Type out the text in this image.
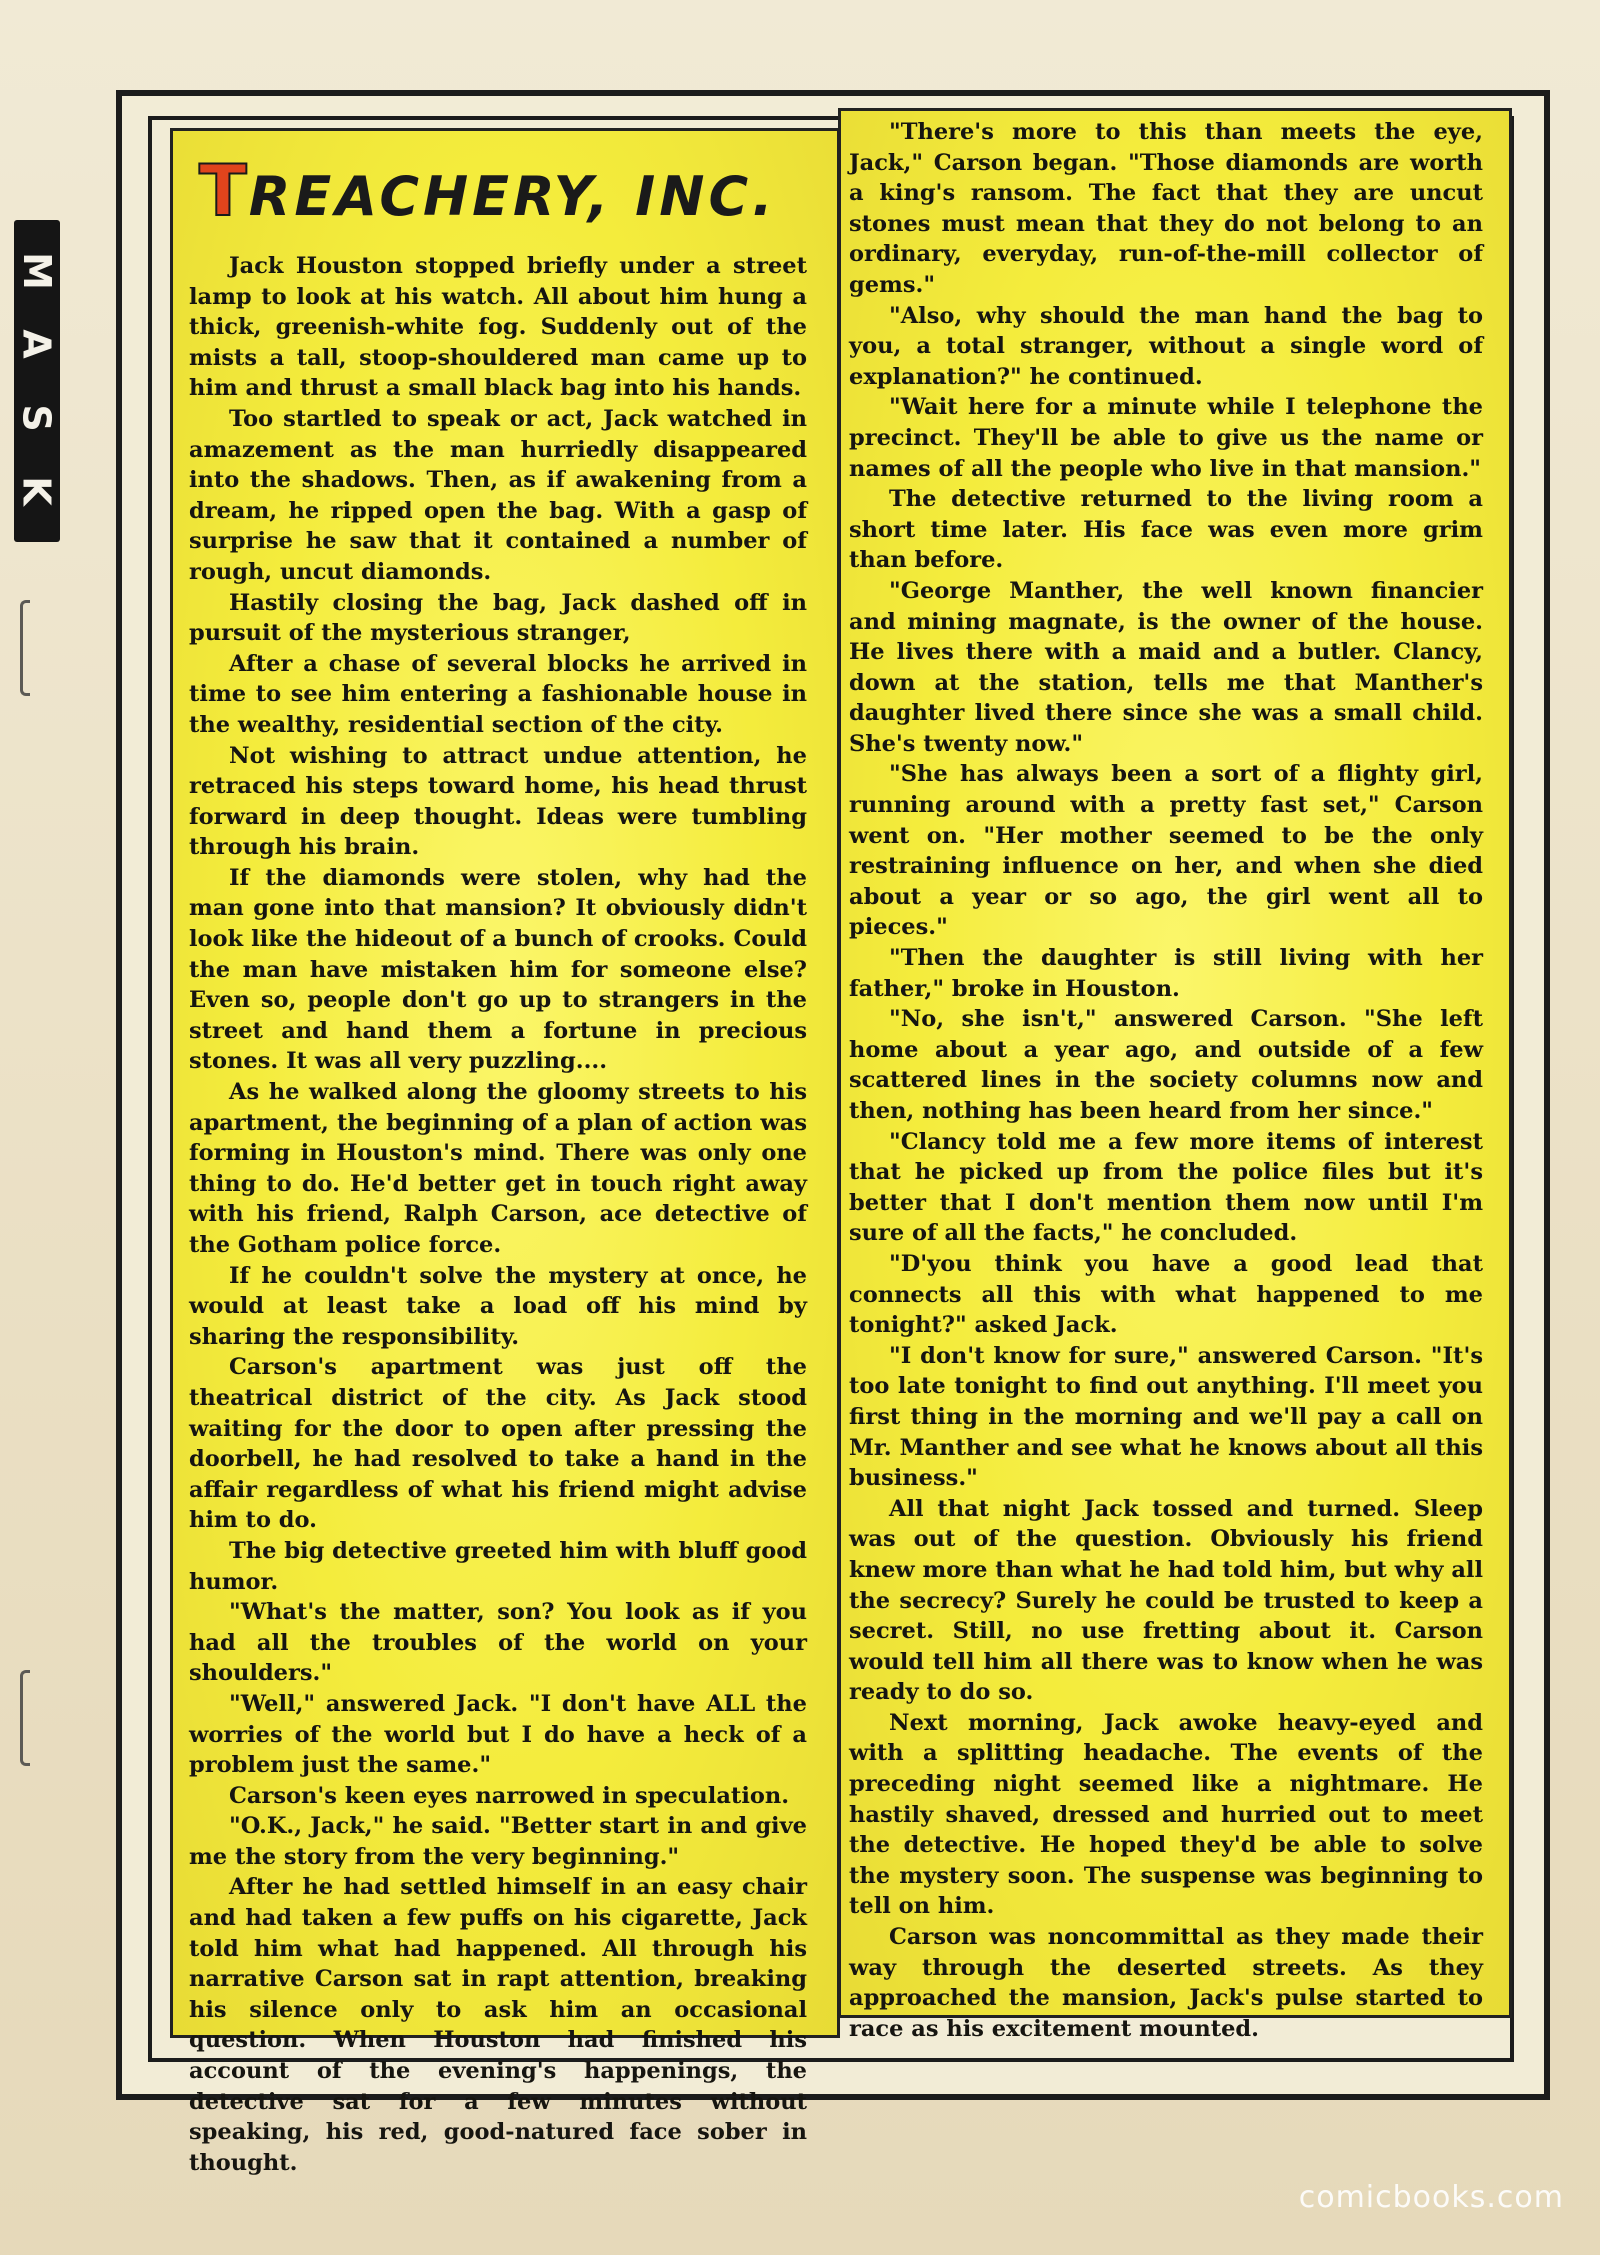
M
A
S
K
TREACHERY, INC.

Jack Houston stopped briefly under a street lamp to look at his watch. All about him hung a thick, greenish-white fog. Suddenly out of the mists a tall, stoop-shouldered man came up to him and thrust a small black bag into his hands.

Too startled to speak or act, Jack watched in amazement as the man hurriedly disappeared into the shadows. Then, as if awakening from a dream, he ripped open the bag. With a gasp of surprise he saw that it contained a number of rough, uncut diamonds.

Hastily closing the bag, Jack dashed off in pursuit of the mysterious stranger,

After a chase of several blocks he arrived in time to see him entering a fashionable house in the wealthy, residential section of the city.

Not wishing to attract undue attention, he retraced his steps toward home, his head thrust forward in deep thought. Ideas were tumbling through his brain.

If the diamonds were stolen, why had the man gone into that mansion? It obviously didn't look like the hideout of a bunch of crooks. Could the man have mistaken him for someone else? Even so, people don't go up to strangers in the street and hand them a fortune in precious stones. It was all very puzzling....

As he walked along the gloomy streets to his apartment, the beginning of a plan of action was forming in Houston's mind. There was only one thing to do. He'd better get in touch right away with his friend, Ralph Carson, ace detective of the Gotham police force.

If he couldn't solve the mystery at once, he would at least take a load off his mind by sharing the responsibility.

Carson's apartment was just off the theatrical district of the city. As Jack stood waiting for the door to open after pressing the doorbell, he had resolved to take a hand in the affair regardless of what his friend might advise him to do.

The big detective greeted him with bluff good humor.

"What's the matter, son? You look as if you had all the troubles of the world on your shoulders."

"Well," answered Jack. "I don't have ALL the worries of the world but I do have a heck of a problem just the same."

Carson's keen eyes narrowed in speculation.

"O.K., Jack," he said. "Better start in and give me the story from the very beginning."

After he had settled himself in an easy chair and had taken a few puffs on his cigarette, Jack told him what had happened. All through his narrative Carson sat in rapt attention, breaking his silence only to ask him an occasional question. When Houston had finished his account of the evening's happenings, the detective sat for a few minutes without speaking, his red, good-natured face sober in thought.

"There's more to this than meets the eye, Jack," Carson began. "Those diamonds are worth a king's ransom. The fact that they are uncut stones must mean that they do not belong to an ordinary, everyday, run-of-the-mill collector of gems."

"Also, why should the man hand the bag to you, a total stranger, without a single word of explanation?" he continued.

"Wait here for a minute while I telephone the precinct. They'll be able to give us the name or names of all the people who live in that mansion."

The detective returned to the living room a short time later. His face was even more grim than before.

"George Manther, the well known financier and mining magnate, is the owner of the house. He lives there with a maid and a butler. Clancy, down at the station, tells me that Manther's daughter lived there since she was a small child. She's twenty now."

"She has always been a sort of a flighty girl, running around with a pretty fast set," Carson went on. "Her mother seemed to be the only restraining influence on her, and when she died about a year or so ago, the girl went all to pieces."

"Then the daughter is still living with her father," broke in Houston.

"No, she isn't," answered Carson. "She left home about a year ago, and outside of a few scattered lines in the society columns now and then, nothing has been heard from her since."

"Clancy told me a few more items of interest that he picked up from the police files but it's better that I don't mention them now until I'm sure of all the facts," he concluded.

"D'you think you have a good lead that connects all this with what happened to me tonight?" asked Jack.

"I don't know for sure," answered Carson. "It's too late tonight to find out anything. I'll meet you first thing in the morning and we'll pay a call on Mr. Manther and see what he knows about all this business."

All that night Jack tossed and turned. Sleep was out of the question. Obviously his friend knew more than what he had told him, but why all the secrecy? Surely he could be trusted to keep a secret. Still, no use fretting about it. Carson would tell him all there was to know when he was ready to do so.

Next morning, Jack awoke heavy-eyed and with a splitting headache. The events of the preceding night seemed like a nightmare. He hastily shaved, dressed and hurried out to meet the detective. He hoped they'd be able to solve the mystery soon. The suspense was beginning to tell on him.

Carson was noncommittal as they made their way through the deserted streets. As they approached the mansion, Jack's pulse started to race as his excitement mounted.

comicbooks.com
